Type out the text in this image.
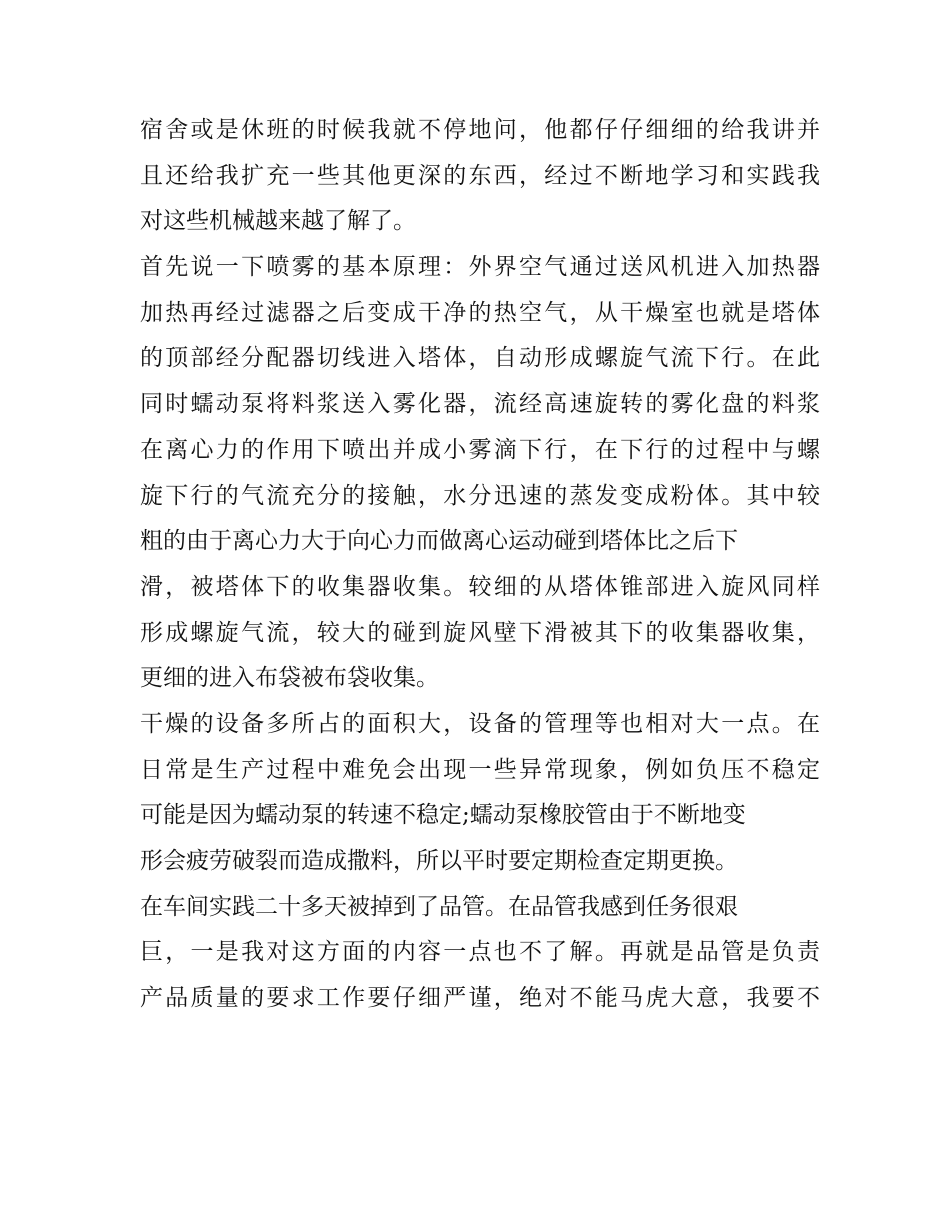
宿舍或是休班的时候我就不停地问，他都仔仔细细的给我讲并
且还给我扩充一些其他更深的东西，经过不断地学习和实践我
对这些机械越来越了解了。
首先说一下喷雾的基本原理：外界空气通过送风机进入加热器
加热再经过滤器之后变成干净的热空气，从干燥室也就是塔体
的顶部经分配器切线进入塔体，自动形成螺旋气流下行。在此
同时蠕动泵将料浆送入雾化器，流经高速旋转的雾化盘的料浆
在离心力的作用下喷出并成小雾滴下行，在下行的过程中与螺
旋下行的气流充分的接触，水分迅速的蒸发变成粉体。其中较
粗的由于离心力大于向心力而做离心运动碰到塔体比之后下
滑，被塔体下的收集器收集。较细的从塔体锥部进入旋风同样
形成螺旋气流，较大的碰到旋风壁下滑被其下的收集器收集，
更细的进入布袋被布袋收集。
干燥的设备多所占的面积大，设备的管理等也相对大一点。在
日常是生产过程中难免会出现一些异常现象，例如负压不稳定
可能是因为蠕动泵的转速不稳定;蠕动泵橡胶管由于不断地变
形会疲劳破裂而造成撒料，所以平时要定期检查定期更换。
在车间实践二十多天被掉到了品管。在品管我感到任务很艰
巨，一是我对这方面的内容一点也不了解。再就是品管是负责
产品质量的要求工作要仔细严谨，绝对不能马虎大意，我要不
